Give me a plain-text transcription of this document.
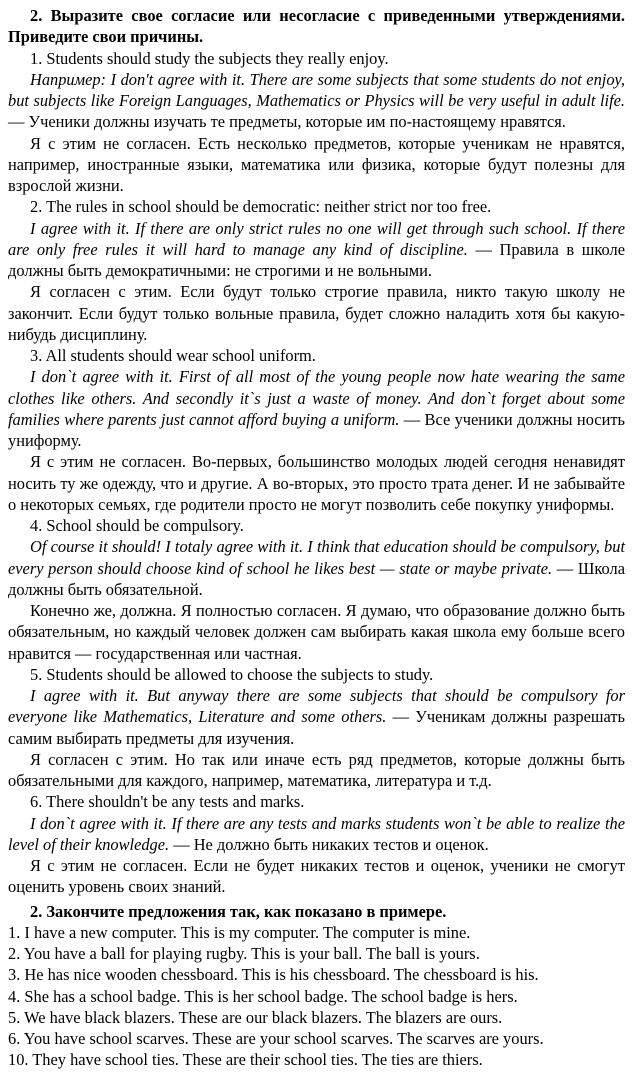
2. Выразите свое согласие или несогласие с приведенными утверждениями. Приведите свои причины.

1. Students should study the subjects they really enjoy.

Например: I don't agree with it. There are some subjects that some students do not enjoy, but subjects like Foreign Languages, Mathematics or Physics will be very useful in adult life. — Ученики должны изучать те предметы, которые им по-настоящему нравятся.

Я с этим не согласен. Есть несколько предметов, которые ученикам не нравятся, например, иностранные языки, математика или физика, которые будут полезны для взрослой жизни.

2. The rules in school should be democratic: neither strict nor too free.

I agree with it. If there are only strict rules no one will get through such school. If there are only free rules it will hard to manage any kind of discipline. — Правила в школе должны быть демократичными: не строгими и не вольными.

Я согласен с этим. Если будут только строгие правила, никто такую школу не закончит. Если будут только вольные правила, будет сложно наладить хотя бы какую-нибудь дисциплину.

3. All students should wear school uniform.

I don`t agree with it. First of all most of the young people now hate wearing the same clothes like others. And secondly it`s just a waste of money. And don`t forget about some families where parents just cannot afford buying a uniform. — Все ученики должны носить униформу.

Я с этим не согласен. Во-первых, большинство молодых людей сегодня ненавидят носить ту же одежду, что и другие. А во-вторых, это просто трата денег. И не забывайте о некоторых семьях, где родители просто не могут позволить себе покупку униформы.

4. School should be compulsory.

Of course it should! I totaly agree with it. I think that education should be compulsory, but every person should choose kind of school he likes best — state or maybe private. — Школа должны быть обязательной.

Конечно же, должна. Я полностью согласен. Я думаю, что образование должно быть обязательным, но каждый человек должен сам выбирать какая школа ему больше всего нравится — государственная или частная.

5. Students should be allowed to choose the subjects to study.

I agree with it. But anyway there are some subjects that should be compulsory for everyone like Mathematics, Literature and some others. — Ученикам должны разрешать самим выбирать предметы для изучения.

Я согласен с этим. Но так или иначе есть ряд предметов, которые должны быть обязательными для каждого, например, математика, литература и т.д.

6. There shouldn't be any tests and marks.

I don`t agree with it. If there are any tests and marks students won`t be able to realize the level of their knowledge. — Не должно быть никаких тестов и оценок.

Я с этим не согласен. Если не будет никаких тестов и оценок, ученики не смогут оценить уровень своих знаний.

2. Закончите предложения так, как показано в примере.

1. I have a new computer. This is my computer. The computer is mine.

2. You have a ball for playing rugby. This is your ball. The ball is yours.

3. He has nice wooden chessboard. This is his chessboard. The chessboard is his.

4. She has a school badge. This is her school badge. The school badge is hers.

5. We have black blazers. These are our black blazers. The blazers are ours.

6. You have school scarves. These are your school scarves. The scarves are yours.

10. They have school ties. These are their school ties. The ties are thiers.
